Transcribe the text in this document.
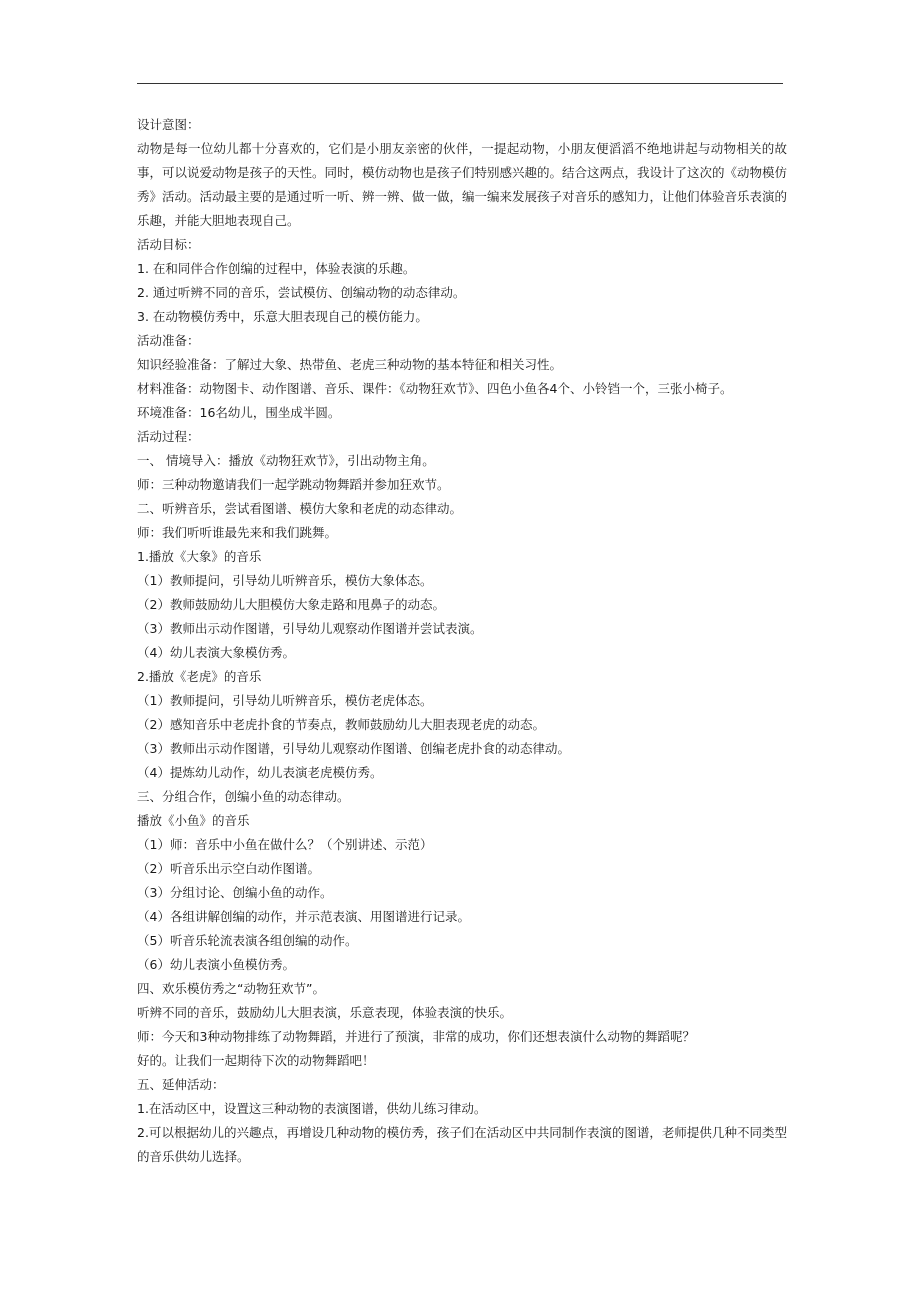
设计意图：
动物是每一位幼儿都十分喜欢的，它们是小朋友亲密的伙伴，一提起动物，小朋友便滔滔不绝地讲起与动物相关的故事，可以说爱动物是孩子的天性。同时，模仿动物也是孩子们特别感兴趣的。结合这两点，我设计了这次的《动物模仿秀》活动。活动最主要的是通过听一听、辨一辨、做一做，编一编来发展孩子对音乐的感知力，让他们体验音乐表演的乐趣，并能大胆地表现自己。
活动目标：
1. 在和同伴合作创编的过程中，体验表演的乐趣。
2. 通过听辨不同的音乐，尝试模仿、创编动物的动态律动。
3. 在动物模仿秀中，乐意大胆表现自己的模仿能力。
活动准备：
知识经验准备：了解过大象、热带鱼、老虎三种动物的基本特征和相关习性。
材料准备：动物图卡、动作图谱、音乐、课件：《动物狂欢节》、四色小鱼各4个、小铃铛一个，三张小椅子。
环境准备：16名幼儿，围坐成半圆。
活动过程：
一、 情境导入：播放《动物狂欢节》，引出动物主角。
师：三种动物邀请我们一起学跳动物舞蹈并参加狂欢节。
二、听辨音乐，尝试看图谱、模仿大象和老虎的动态律动。
师：我们听听谁最先来和我们跳舞。
1.播放《大象》的音乐
（1）教师提问，引导幼儿听辨音乐，模仿大象体态。
（2）教师鼓励幼儿大胆模仿大象走路和甩鼻子的动态。
（3）教师出示动作图谱，引导幼儿观察动作图谱并尝试表演。
（4）幼儿表演大象模仿秀。
2.播放《老虎》的音乐
（1）教师提问，引导幼儿听辨音乐，模仿老虎体态。
（2）感知音乐中老虎扑食的节奏点，教师鼓励幼儿大胆表现老虎的动态。
（3）教师出示动作图谱，引导幼儿观察动作图谱、创编老虎扑食的动态律动。
（4）提炼幼儿动作，幼儿表演老虎模仿秀。
三、分组合作，创编小鱼的动态律动。
播放《小鱼》的音乐
（1）师：音乐中小鱼在做什么？（个别讲述、示范）
（2）听音乐出示空白动作图谱。
（3）分组讨论、创编小鱼的动作。
（4）各组讲解创编的动作，并示范表演、用图谱进行记录。
（5）听音乐轮流表演各组创编的动作。
（6）幼儿表演小鱼模仿秀。
四、欢乐模仿秀之“动物狂欢节”。
听辨不同的音乐，鼓励幼儿大胆表演，乐意表现，体验表演的快乐。
师：今天和3种动物排练了动物舞蹈，并进行了预演，非常的成功，你们还想表演什么动物的舞蹈呢？
好的。让我们一起期待下次的动物舞蹈吧！
五、延伸活动：
1.在活动区中，设置这三种动物的表演图谱，供幼儿练习律动。
2.可以根据幼儿的兴趣点，再增设几种动物的模仿秀，孩子们在活动区中共同制作表演的图谱，老师提供几种不同类型的音乐供幼儿选择。
